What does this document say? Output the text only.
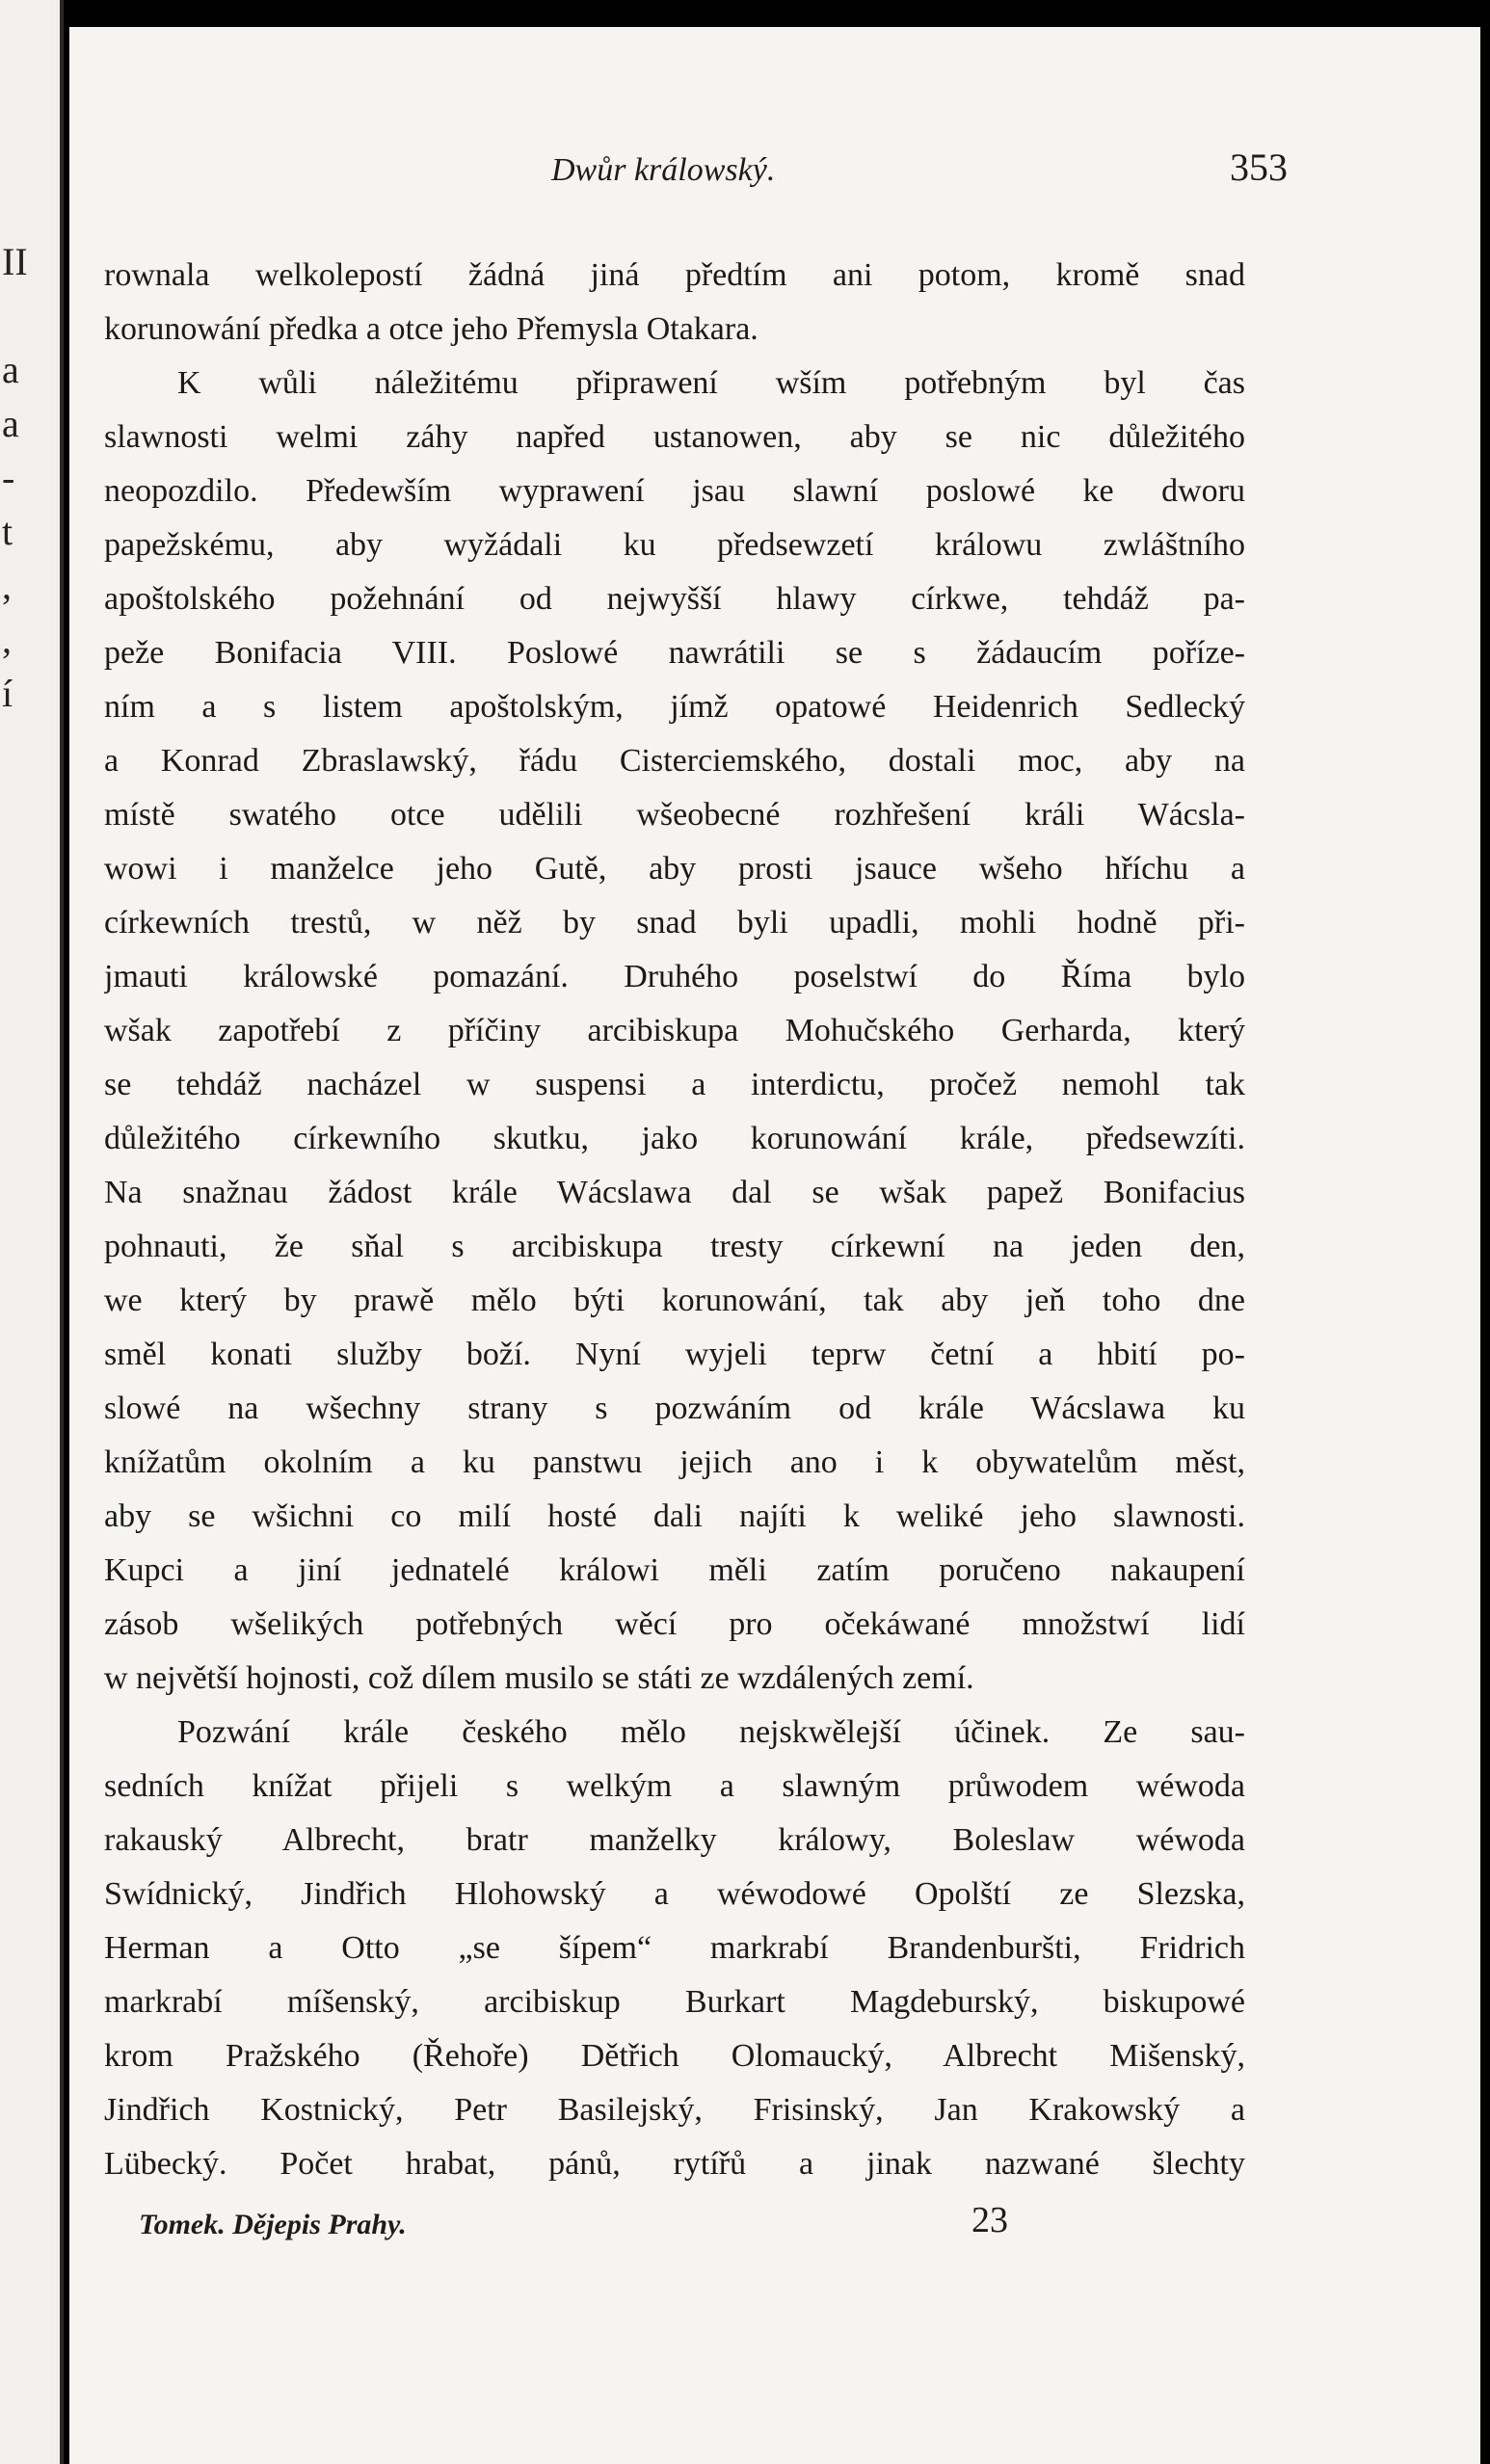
II
a
a
-
t
,
,
í
Dwůr králowský.	353
rownala welkolepostí žádná jiná předtím ani potom, kromě snad
korunowání předka a otce jeho Přemysla Otakara.
K wůli náležitému připrawení wším potřebným byl čas
slawnosti welmi záhy napřed ustanowen, aby se nic důležitého
neopozdilo. Předewším wyprawení jsau slawní poslowé ke dworu
papežskému, aby wyžádali ku předsewzetí králowu zwláštního
apoštolského požehnání od nejwyšší hlawy církwe, tehdáž pa-
peže Bonifacia VIII. Poslowé nawrátili se s žádaucím pořízе-
ním a s listem apoštolským, jímž opatowé Heidenrich Sedlecký
a Konrad Zbraslawský, řádu Cisterciemského, dostali moc, aby na
místě swatého otce udělili wšeobecné rozhřešení králi Wácsla-
wowi i manželce jeho Gutě, aby prosti jsauce wšeho hříchu a
církewních trestů, w něž by snad byli upadli, mohli hodně při-
jmauti králowské pomazání. Druhého poselstwí do Říma bylo
wšak zapotřebí z příčiny arcibiskupa Mohučského Gerharda, který
se tehdáž nacházel w suspensi a interdictu, pročež nemohl tak
důležitého církewního skutku, jako korunowání krále, předsewzíti.
Na snažnau žádost krále Wácslawa dal se wšak papež Bonifacius
pohnauti, že sňal s arcibiskupa tresty církewní na jeden den,
we který by prawě mělo býti korunowání, tak aby jeň toho dne
směl konati služby boží. Nyní wyjeli teprw četní a hbití po-
slowé na wšechny strany s pozwáním od krále Wácslawa ku
knížatům okolním a ku panstwu jejich ano i k obywatelům měst,
aby se wšichni co milí hosté dali najíti k weliké jeho slawnosti.
Kupci a jiní jednatelé králowi měli zatím poručeno nakaupení
zásob wšelikých potřebných wěcí pro očekáwané množstwí lidí
w největší hojnosti, což dílem musilo se státi ze wzdálených zemí.
Pozwání krále českého mělo nejskwělejší účinek. Ze sau-
sedních knížat přijeli s welkým a slawným průwodem wéwoda
rakauský Albrecht, bratr manželky králowy, Boleslaw wéwoda
Swídnický, Jindřich Hlohowský a wéwodowé Opolští ze Slezska,
Herman a Otto „se šípem“ markrabí Brandenburšti, Fridrich
markrabí míšenský, arcibiskup Burkart Magdeburský, biskupowé
krom Pražského (Řehoře) Dětřich Olomaucký, Albrecht Mišenský,
Jindřich Kostnický, Petr Basilejský, Frisinský, Jan Krakowský a
Lübecký. Počet hrabat, pánů, rytířů a jinak nazwané šlechty
Tomek. Dějepis Prahy.	23
